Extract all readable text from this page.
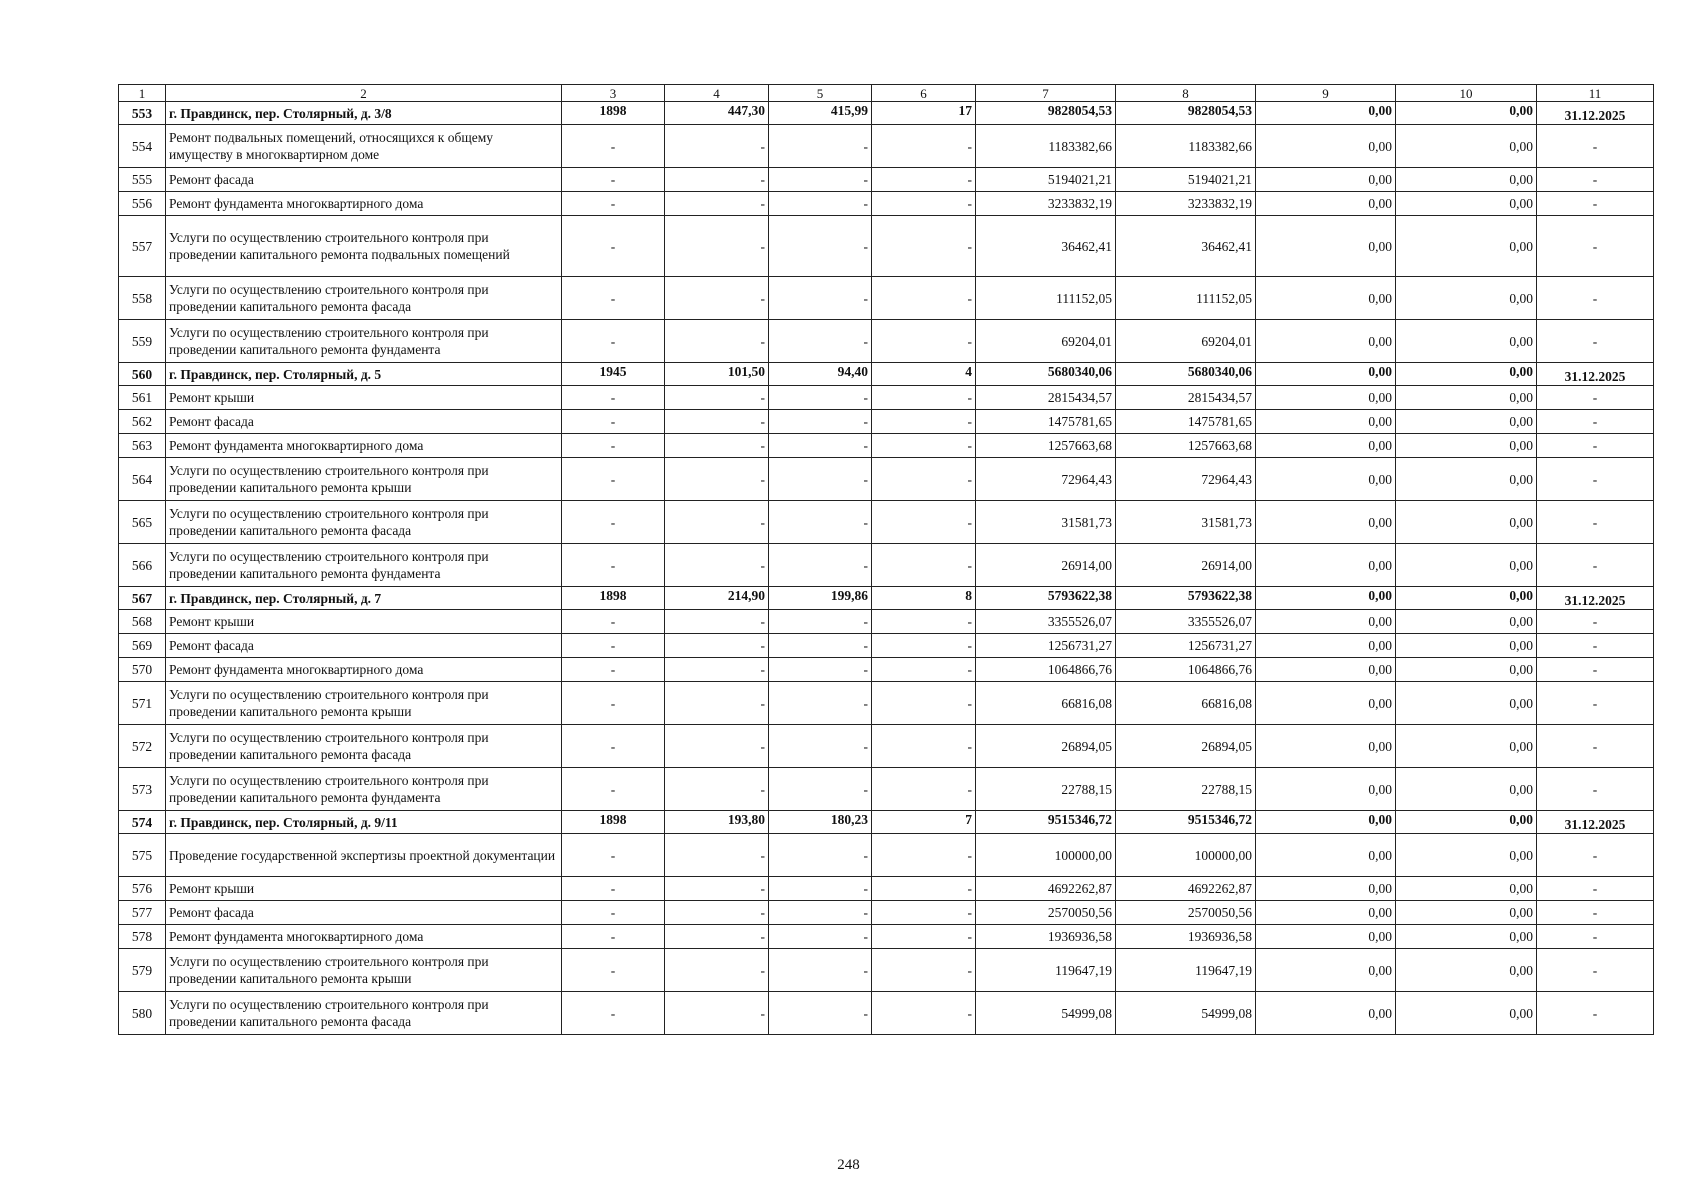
1	2	3	4	5	6	7	8	9	10	11
553	г. Правдинск, пер. Столярный, д. 3/8	1898	447,30	415,99	17	9828054,53	9828054,53	0,00	0,00	31.12.2025
554	Ремонт подвальных помещений, относящихся к общему имуществу в многоквартирном доме	-	-	-	-	1183382,66	1183382,66	0,00	0,00	-
555	Ремонт фасада	-	-	-	-	5194021,21	5194021,21	0,00	0,00	-
556	Ремонт фундамента многоквартирного дома	-	-	-	-	3233832,19	3233832,19	0,00	0,00	-
557	Услуги по осуществлению строительного контроля при проведении капитального ремонта подвальных помещений	-	-	-	-	36462,41	36462,41	0,00	0,00	-
558	Услуги по осуществлению строительного контроля при проведении капитального ремонта фасада	-	-	-	-	111152,05	111152,05	0,00	0,00	-
559	Услуги по осуществлению строительного контроля при проведении капитального ремонта фундамента	-	-	-	-	69204,01	69204,01	0,00	0,00	-
560	г. Правдинск, пер. Столярный, д. 5	1945	101,50	94,40	4	5680340,06	5680340,06	0,00	0,00	31.12.2025
561	Ремонт крыши	-	-	-	-	2815434,57	2815434,57	0,00	0,00	-
562	Ремонт фасада	-	-	-	-	1475781,65	1475781,65	0,00	0,00	-
563	Ремонт фундамента многоквартирного дома	-	-	-	-	1257663,68	1257663,68	0,00	0,00	-
564	Услуги по осуществлению строительного контроля при проведении капитального ремонта крыши	-	-	-	-	72964,43	72964,43	0,00	0,00	-
565	Услуги по осуществлению строительного контроля при проведении капитального ремонта фасада	-	-	-	-	31581,73	31581,73	0,00	0,00	-
566	Услуги по осуществлению строительного контроля при проведении капитального ремонта фундамента	-	-	-	-	26914,00	26914,00	0,00	0,00	-
567	г. Правдинск, пер. Столярный, д. 7	1898	214,90	199,86	8	5793622,38	5793622,38	0,00	0,00	31.12.2025
568	Ремонт крыши	-	-	-	-	3355526,07	3355526,07	0,00	0,00	-
569	Ремонт фасада	-	-	-	-	1256731,27	1256731,27	0,00	0,00	-
570	Ремонт фундамента многоквартирного дома	-	-	-	-	1064866,76	1064866,76	0,00	0,00	-
571	Услуги по осуществлению строительного контроля при проведении капитального ремонта крыши	-	-	-	-	66816,08	66816,08	0,00	0,00	-
572	Услуги по осуществлению строительного контроля при проведении капитального ремонта фасада	-	-	-	-	26894,05	26894,05	0,00	0,00	-
573	Услуги по осуществлению строительного контроля при проведении капитального ремонта фундамента	-	-	-	-	22788,15	22788,15	0,00	0,00	-
574	г. Правдинск, пер. Столярный, д. 9/11	1898	193,80	180,23	7	9515346,72	9515346,72	0,00	0,00	31.12.2025
575	Проведение государственной экспертизы проектной документации	-	-	-	-	100000,00	100000,00	0,00	0,00	-
576	Ремонт крыши	-	-	-	-	4692262,87	4692262,87	0,00	0,00	-
577	Ремонт фасада	-	-	-	-	2570050,56	2570050,56	0,00	0,00	-
578	Ремонт фундамента многоквартирного дома	-	-	-	-	1936936,58	1936936,58	0,00	0,00	-
579	Услуги по осуществлению строительного контроля при проведении капитального ремонта крыши	-	-	-	-	119647,19	119647,19	0,00	0,00	-
580	Услуги по осуществлению строительного контроля при проведении капитального ремонта фасада	-	-	-	-	54999,08	54999,08	0,00	0,00	-
248
